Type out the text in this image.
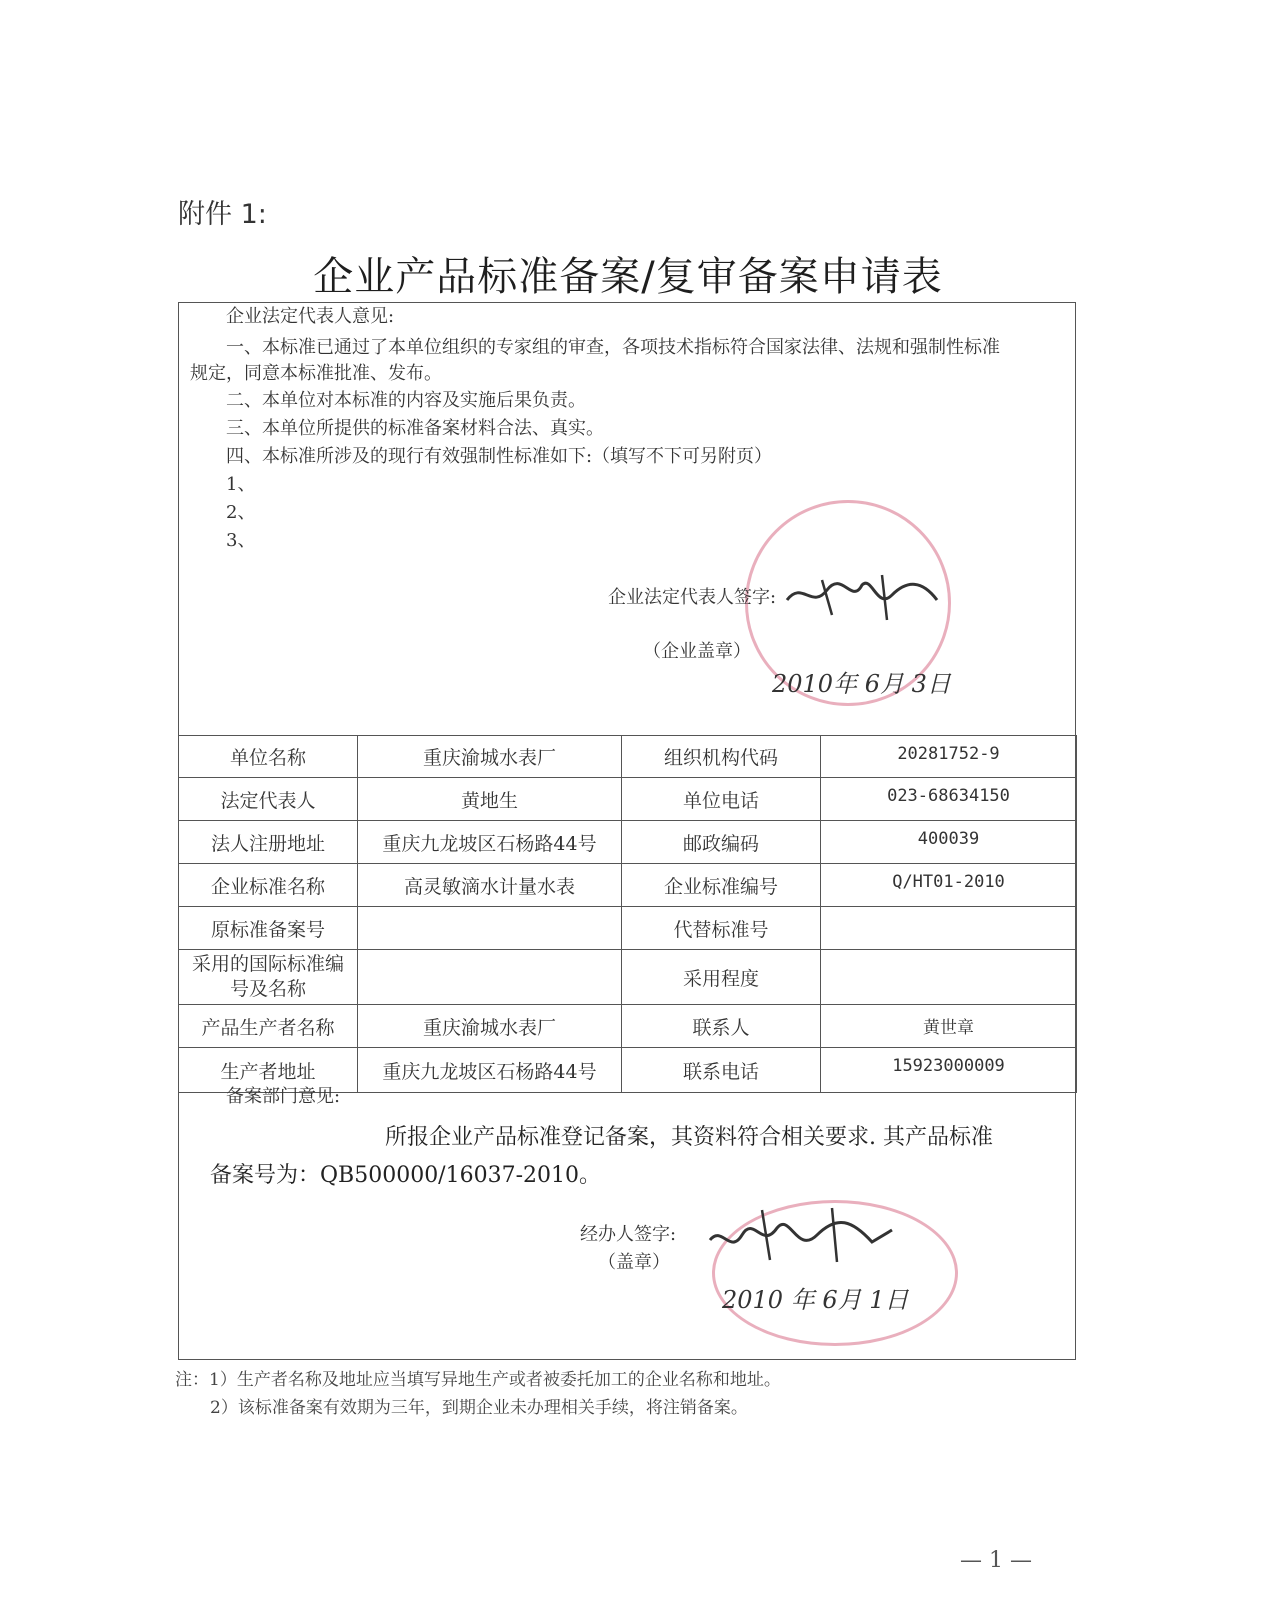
附件 1:
企业产品标准备案/复审备案申请表
企业法定代表人意见:
一、本标准已通过了本单位组织的专家组的审查，各项技术指标符合国家法律、法规和强制性标准
规定，同意本标准批准、发布。
二、本单位对本标准的内容及实施后果负责。
三、本单位所提供的标准备案材料合法、真实。
四、本标准所涉及的现行有效强制性标准如下:（填写不下可另附页）
1、
2、
3、
企业法定代表人签字:
（企业盖章）
2010年 6月 3日
单位名称	重庆渝城水表厂	组织机构代码	20281752-9
法定代表人	黄地生	单位电话	023-68634150
法人注册地址	重庆九龙坡区石杨路44号	邮政编码	400039
企业标准名称	高灵敏滴水计量水表	企业标准编号	Q/HT01-2010
原标准备案号		代替标准号	
采用的国际标准编号及名称		采用程度	
产品生产者名称	重庆渝城水表厂	联系人	黄世章
生产者地址	重庆九龙坡区石杨路44号	联系电话	15923000009
备案部门意见:
所报企业产品标准登记备案，其资料符合相关要求. 其产品标准
备案号为：QB500000/16037-2010。
经办人签字:
（盖章）
2010 年 6月 1日
注：1）生产者名称及地址应当填写异地生产或者被委托加工的企业名称和地址。
2）该标准备案有效期为三年，到期企业未办理相关手续，将注销备案。
— 1 —
